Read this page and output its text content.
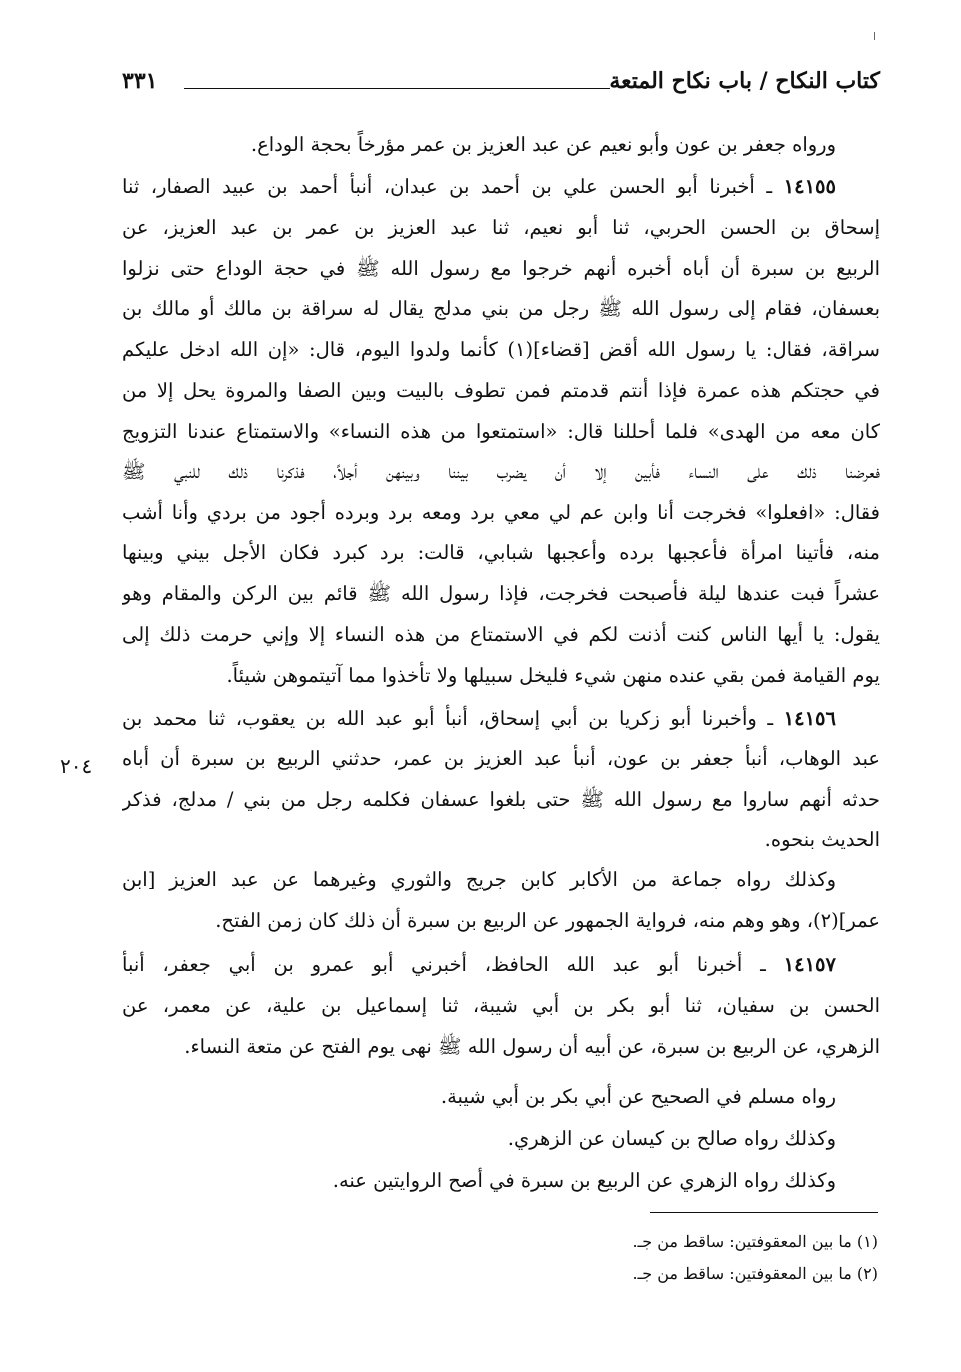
كتاب النكاح / باب نكاح المتعة
٣٣١
ورواه جعفر بن عون وأبو نعيم عن عبد العزيز بن عمر مؤرخاً بحجة الوداع.
١٤١٥٥ ـ أخبرنا أبو الحسن علي بن أحمد بن عبدان، أنبأ أحمد بن عبيد الصفار، ثنا
إسحاق بن الحسن الحربي، ثنا أبو نعيم، ثنا عبد العزيز بن عمر بن عبد العزيز، عن
الربيع بن سبرة أن أباه أخبره أنهم خرجوا مع رسول الله ﷺ في حجة الوداع حتى نزلوا
بعسفان، فقام إلى رسول الله ﷺ رجل من بني مدلج يقال له سراقة بن مالك أو مالك بن
سراقة، فقال: يا رسول الله أقض [قضاء](١) كأنما ولدوا اليوم، قال: «إن الله ادخل عليكم
في حجتكم هذه عمرة فإذا أنتم قدمتم فمن تطوف بالبيت وبين الصفا والمروة يحل إلا من
كان معه من الهدى» فلما أحللنا قال: «استمتعوا من هذه النساء» والاستمتاع عندنا التزويج
فعرضنا ذلك على النساء فأبين إلا أن يضرب بيننا وبينهن أجلاً، فذكرنا ذلك للنبي ﷺ
فقال: «افعلوا» فخرجت أنا وابن عم لي معي برد ومعه برد وبرده أجود من بردي وأنا أشب
منه، فأتينا امرأة فأعجبها برده وأعجبها شبابي، قالت: برد كبرد فكان الأجل بيني وبينها
عشراً فبت عندها ليلة فأصبحت فخرجت، فإذا رسول الله ﷺ قائم بين الركن والمقام وهو
يقول: يا أيها الناس كنت أذنت لكم في الاستمتاع من هذه النساء إلا وإني حرمت ذلك إلى
يوم القيامة فمن بقي عنده منهن شيء فليخل سبيلها ولا تأخذوا مما آتيتموهن شيئاً.
١٤١٥٦ ـ وأخبرنا أبو زكريا بن أبي إسحاق، أنبأ أبو عبد الله بن يعقوب، ثنا محمد بن
عبد الوهاب، أنبأ جعفر بن عون، أنبأ عبد العزيز بن عمر، حدثني الربيع بن سبرة أن أباه
حدثه أنهم ساروا مع رسول الله ﷺ حتى بلغوا عسفان فكلمه رجل من بني / مدلج، فذكر
الحديث بنحوه.
وكذلك رواه جماعة من الأكابر كابن جريج والثوري وغيرهما عن عبد العزيز [ابن
عمر](٢)، وهو وهم منه، فرواية الجمهور عن الربيع بن سبرة أن ذلك كان زمن الفتح.
١٤١٥٧ ـ أخبرنا أبو عبد الله الحافظ، أخبرني أبو عمرو بن أبي جعفر، أنبأ
الحسن بن سفيان، ثنا أبو بكر بن أبي شيبة، ثنا إسماعيل بن علية، عن معمر، عن
الزهري، عن الربيع بن سبرة، عن أبيه أن رسول الله ﷺ نهى يوم الفتح عن متعة النساء.
رواه مسلم في الصحيح عن أبي بكر بن أبي شيبة.
وكذلك رواه صالح بن كيسان عن الزهري.
وكذلك رواه الزهري عن الربيع بن سبرة في أصح الروايتين عنه.
٢٠٤
(١) ما بين المعقوفتين: ساقط من جـ.
(٢) ما بين المعقوفتين: ساقط من جـ.
